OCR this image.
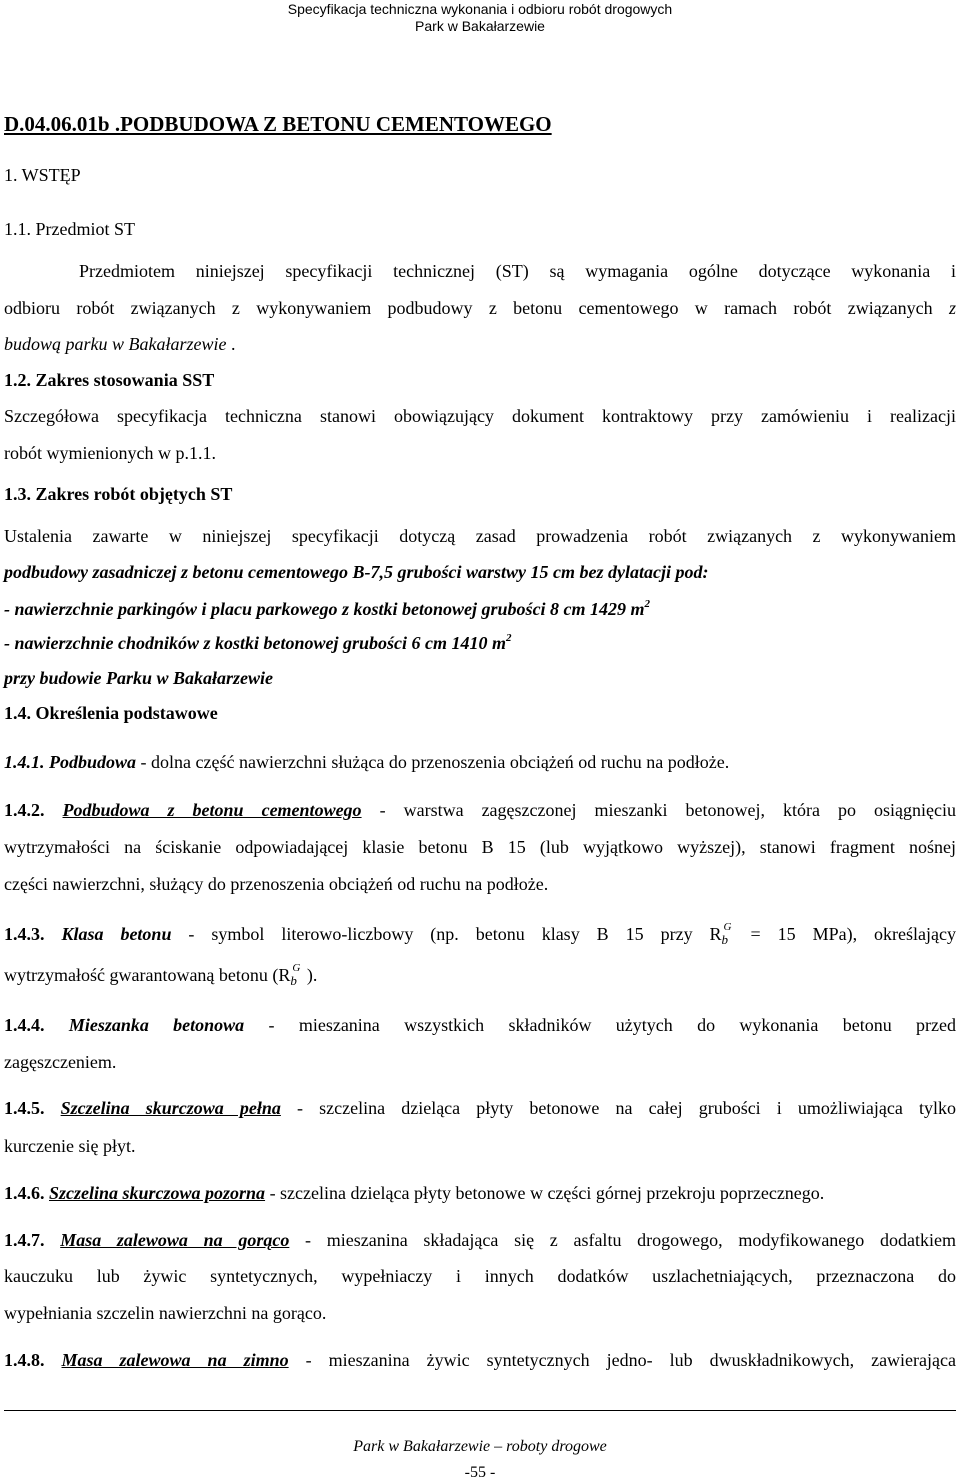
Specyfikacja techniczna wykonania i odbioru robót drogowych
Park w Bakałarzewie
D.04.06.01b .PODBUDOWA Z BETONU CEMENTOWEGO
1. WSTĘP
1.1. Przedmiot ST
Przedmiotem niniejszej specyfikacji technicznej (ST) są wymagania ogólne dotyczące wykonania i
odbioru robót związanych z wykonywaniem podbudowy z betonu cementowego w ramach robót związanych z
budową parku w Bakałarzewie .
1.2. Zakres stosowania SST
Szczegółowa specyfikacja techniczna stanowi obowiązujący dokument kontraktowy przy zamówieniu i realizacji
robót wymienionych w p.1.1.
1.3. Zakres robót objętych ST
Ustalenia zawarte w niniejszej specyfikacji dotyczą zasad prowadzenia robót związanych z wykonywaniem
podbudowy zasadniczej z betonu cementowego B-7,5 grubości warstwy 15 cm bez dylatacji pod:
- nawierzchnie parkingów i placu parkowego z kostki betonowej grubości 8 cm 1429 $m^2$
- nawierzchnie chodników z kostki betonowej grubości 6 cm 1410 $m^2$
przy budowie Parku w Bakałarzewie
1.4. Określenia podstawowe
1.4.1. Podbudowa - dolna część nawierzchni służąca do przenoszenia obciążeń od ruchu na podłoże.
1.4.2. Podbudowa z betonu cementowego - warstwa zagęszczonej mieszanki betonowej, która po osiągnięciu
wytrzymałości na ściskanie odpowiadającej klasie betonu B 15 (lub wyjątkowo wyższej), stanowi fragment nośnej
części nawierzchni, służący do przenoszenia obciążeń od ruchu na podłoże.
1.4.3. Klasa betonu - symbol literowo-liczbowy (np. betonu klasy B 15 przy R G
b = 15 MPa), określający
wytrzymałość gwarantowaną betonu (R G
b ).
1.4.4. Mieszanka betonowa - mieszanina wszystkich składników użytych do wykonania betonu przed
zagęszczeniem.
1.4.5. Szczelina skurczowa pełna - szczelina dzieląca płyty betonowe na całej grubości i umożliwiająca tylko
kurczenie się płyt.
1.4.6. Szczelina skurczowa pozorna - szczelina dzieląca płyty betonowe w części górnej przekroju poprzecznego.
1.4.7. Masa zalewowa na gorąco - mieszanina składająca się z asfaltu drogowego, modyfikowanego dodatkiem
kauczuku lub żywic syntetycznych, wypełniaczy i innych dodatków uszlachetniających, przeznaczona do
wypełniania szczelin nawierzchni na gorąco.
1.4.8. Masa zalewowa na zimno - mieszanina żywic syntetycznych jedno- lub dwuskładnikowych, zawierająca
Park w Bakałarzewie – roboty drogowe
-55 -
